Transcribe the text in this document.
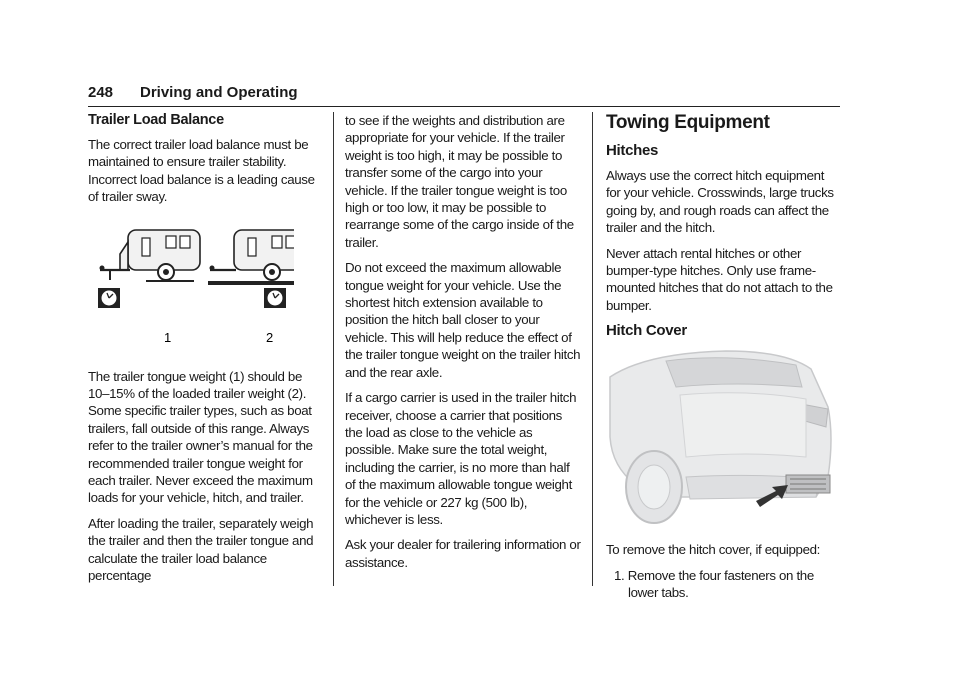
248 Driving and Operating
Trailer Load Balance

The correct trailer load balance must be maintained to ensure trailer stability. Incorrect load balance is a leading cause of trailer sway.

1	2

The trailer tongue weight (1) should be 10–15% of the loaded trailer weight (2). Some specific trailer types, such as boat trailers, fall outside of this range. Always refer to the trailer owner’s manual for the recommended trailer tongue weight for each trailer. Never exceed the maximum loads for your vehicle, hitch, and trailer.

After loading the trailer, separately weigh the trailer and then the trailer tongue and calculate the trailer load balance percentage

to see if the weights and distribution are appropriate for your vehicle. If the trailer weight is too high, it may be possible to transfer some of the cargo into your vehicle. If the trailer tongue weight is too high or too low, it may be possible to rearrange some of the cargo inside of the trailer.

Do not exceed the maximum allowable tongue weight for your vehicle. Use the shortest hitch extension available to position the hitch ball closer to your vehicle. This will help reduce the effect of the trailer tongue weight on the trailer hitch and the rear axle.

If a cargo carrier is used in the trailer hitch receiver, choose a carrier that positions the load as close to the vehicle as possible. Make sure the total weight, including the carrier, is no more than half of the maximum allowable tongue weight for the vehicle or 227 kg (500 lb), whichever is less.

Ask your dealer for trailering information or assistance.

Towing Equipment
Hitches

Always use the correct hitch equipment for your vehicle. Crosswinds, large trucks going by, and rough roads can affect the trailer and the hitch.

Never attach rental hitches or other bumper-type hitches. Only use frame-mounted hitches that do not attach to the bumper.

Hitch Cover

To remove the hitch cover, if equipped:

1. Remove the four fasteners on the lower tabs.
